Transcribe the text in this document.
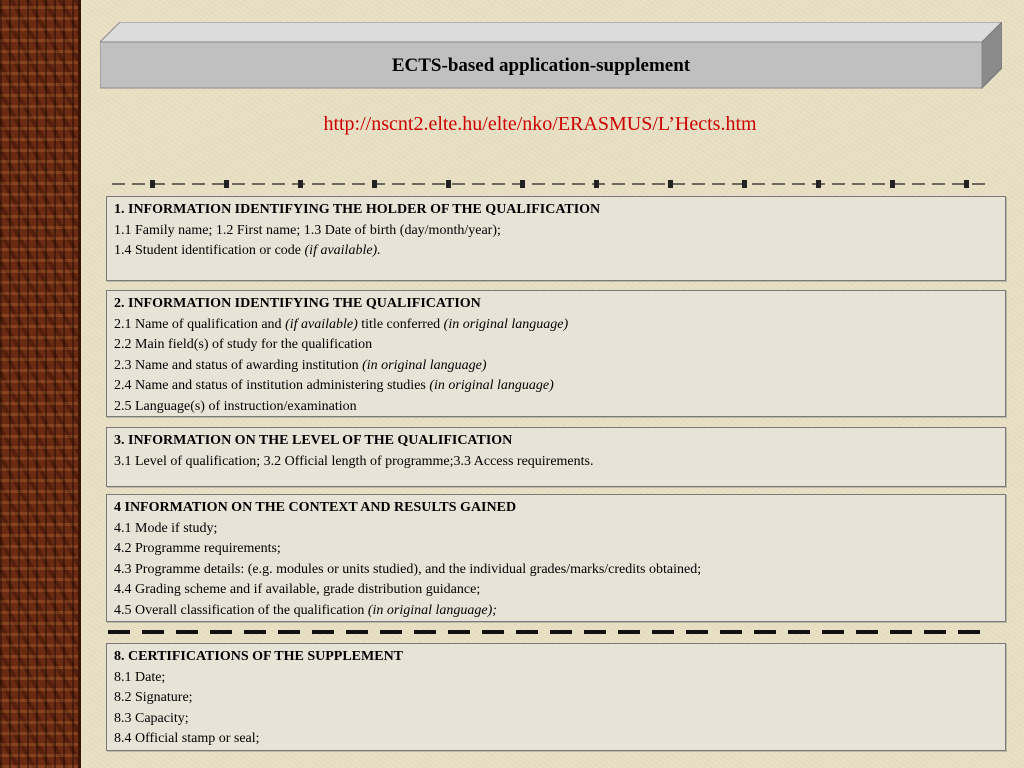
ECTS-based application-supplement
http://nscnt2.elte.hu/elte/nko/ERASMUS/L’Hects.htm
1. INFORMATION IDENTIFYING THE HOLDER OF THE QUALIFICATION
1.1 Family name; 1.2 First name; 1.3 Date of birth (day/month/year);
1.4 Student identification or code (if available).
2. INFORMATION IDENTIFYING THE QUALIFICATION
2.1 Name of qualification and (if available) title conferred (in original language)
2.2 Main field(s) of study for the qualification
2.3 Name and status of awarding institution (in original language)
2.4 Name and status of institution administering studies (in original language)
2.5 Language(s) of instruction/examination
3. INFORMATION ON THE LEVEL OF THE QUALIFICATION
3.1 Level of qualification; 3.2 Official length of programme;3.3 Access requirements.
4 INFORMATION ON THE CONTEXT AND RESULTS GAINED
4.1 Mode if study;
4.2 Programme requirements;
4.3 Programme details: (e.g. modules or units studied), and the individual grades/marks/credits obtained;
4.4 Grading scheme and if available, grade distribution guidance;
4.5 Overall classification of the qualification (in original language);
8. CERTIFICATIONS OF THE SUPPLEMENT
8.1 Date;
8.2 Signature;
8.3 Capacity;
8.4 Official stamp or seal;
